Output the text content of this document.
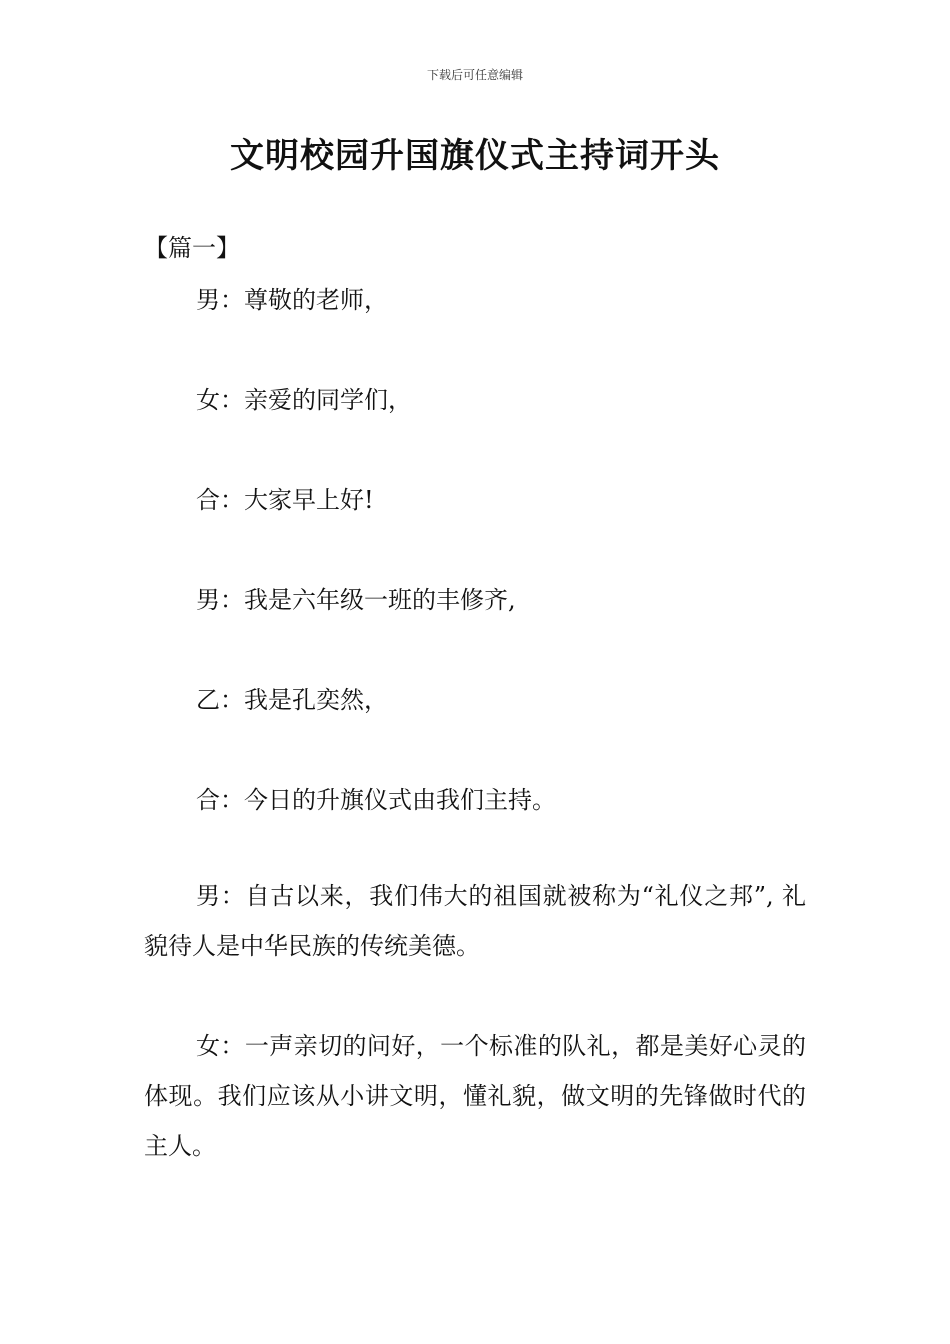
下载后可任意编辑
文明校园升国旗仪式主持词开头
【篇一】
男：尊敬的老师，
女：亲爱的同学们，
合：大家早上好!
男：我是六年级一班的丰修齐,
乙：我是孔奕然，
合：今日的升旗仪式由我们主持。
男：自古以来，我们伟大的祖国就被称为“礼仪之邦”, 礼貌待人是中华民族的传统美德。
女：一声亲切的问好，一个标准的队礼，都是美好心灵的体现。我们应该从小讲文明，懂礼貌，做文明的先锋做时代的主人。
